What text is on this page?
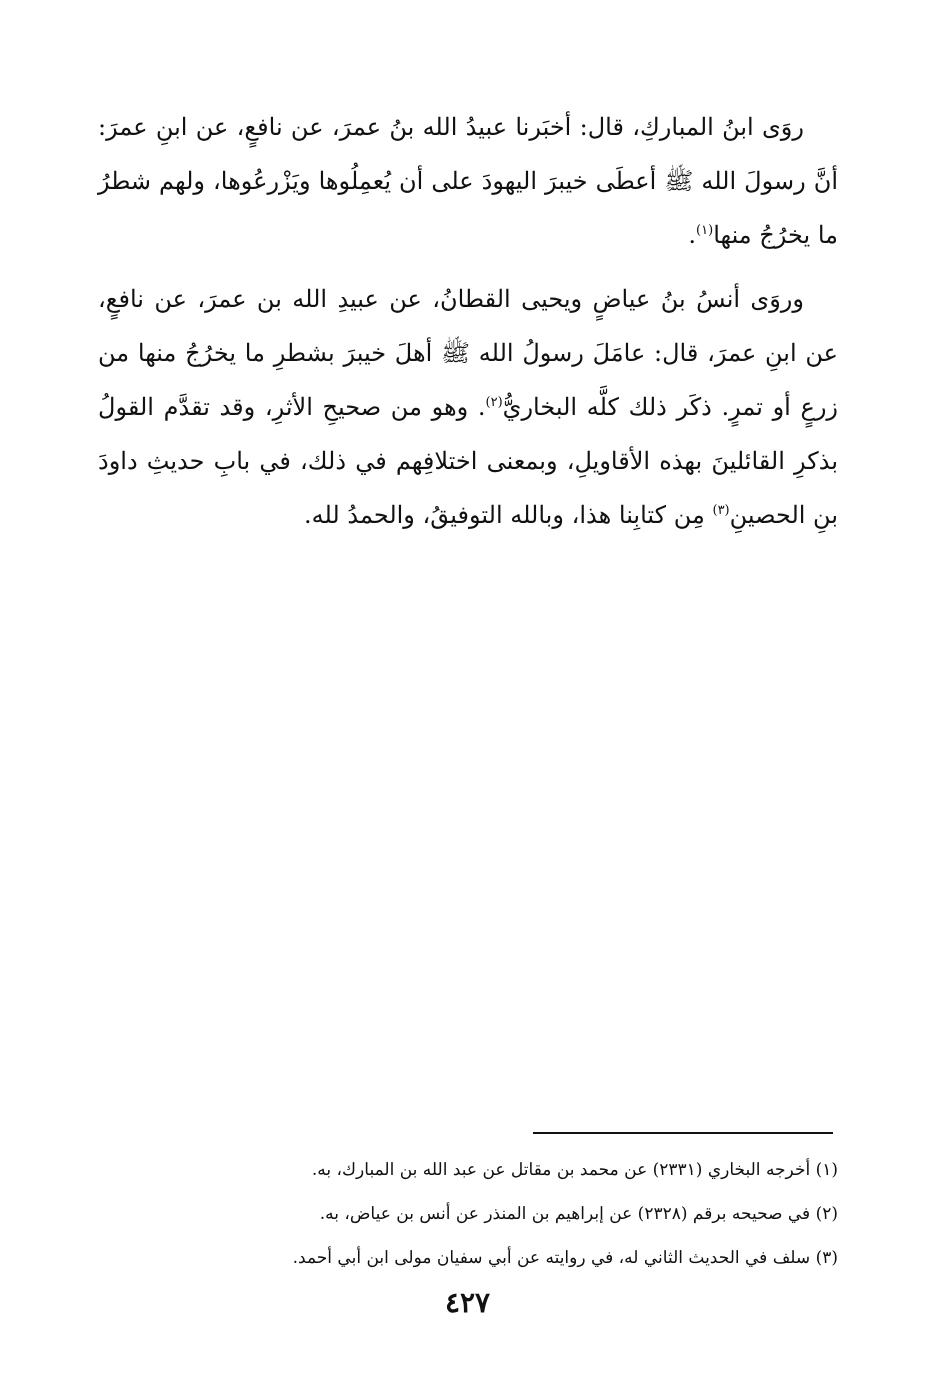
روَى ابنُ المباركِ، قال: أخبَرنا عبيدُ الله بنُ عمرَ، عن نافعٍ، عن ابنِ عمرَ: أنَّ رسولَ الله ﷺ أعطَى خيبرَ اليهودَ على أن يُعمِلُوها ويَزْرعُوها، ولهم شطرُ ما يخرُجُ منها$^{(١)}$.

وروَى أنسُ بنُ عياضٍ ويحيى القطانُ، عن عبيدِ الله بن عمرَ، عن نافعٍ، عن ابنِ عمرَ، قال: عامَلَ رسولُ الله ﷺ أهلَ خيبرَ بشطرِ ما يخرُجُ منها من زرعٍ أو تمرٍ. ذكَر ذلك كلَّه البخاريُّ$^{(٢)}$. وهو من صحيحِ الأثرِ، وقد تقدَّم القولُ بذكرِ القائلينَ بهذه الأقاويلِ، وبمعنى اختلافِهم في ذلك، في بابِ حديثِ داودَ بنِ الحصينِ$^{(٣)}$ مِن كتابِنا هذا، وبالله التوفيقُ، والحمدُ لله.

(١) أخرجه البخاري (٢٣٣١) عن محمد بن مقاتل عن عبد الله بن المبارك، به.
(٢) في صحيحه برقم (٢٣٢٨) عن إبراهيم بن المنذر عن أنس بن عياض، به.
(٣) سلف في الحديث الثاني له، في روايته عن أبي سفيان مولى ابن أبي أحمد.
٤٢٧
